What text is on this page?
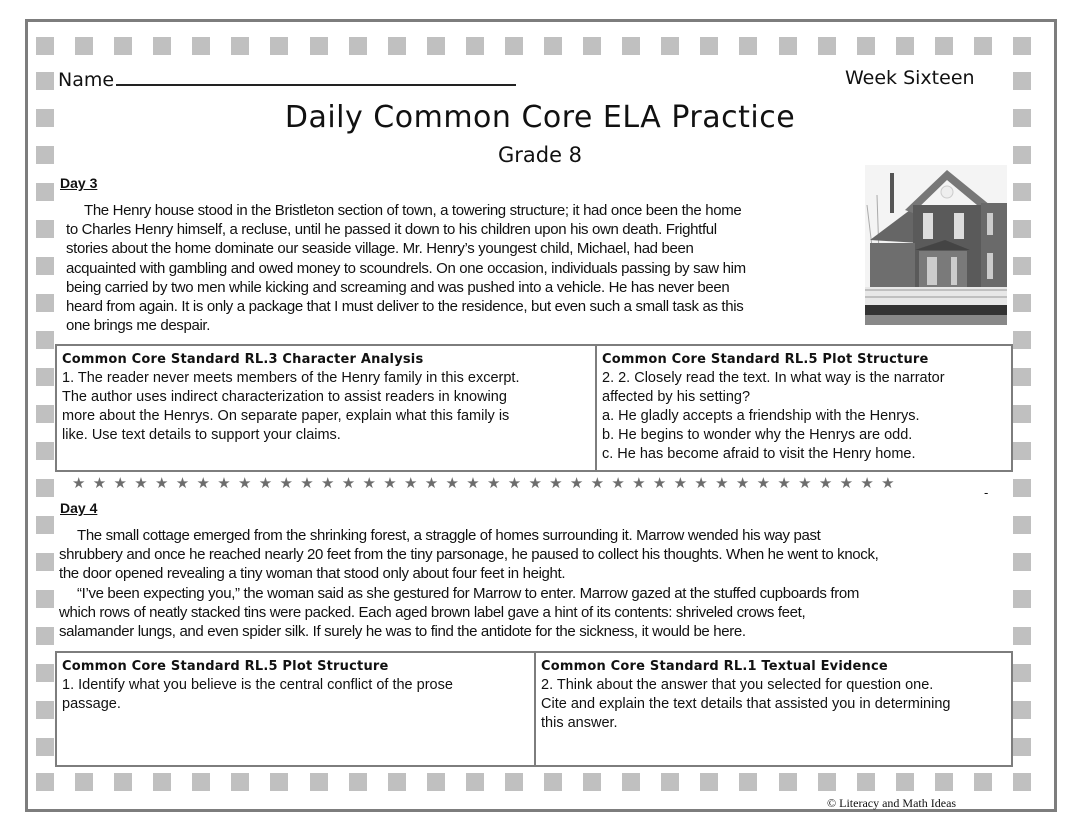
Name	Week Sixteen
Daily Common Core ELA Practice
Grade 8
Day 3

The Henry house stood in the Bristleton section of town, a towering structure; it had once been the home

to Charles Henry himself, a recluse, until he passed it down to his children upon his own death. Frightful

stories about the home dominate our seaside village. Mr. Henry’s youngest child, Michael, had been

acquainted with gambling and owed money to scoundrels. On one occasion, individuals passing by saw him

being carried by two men while kicking and screaming and was pushed into a vehicle. He has never been

heard from again. It is only a package that I must deliver to the residence, but even such a small task as this

one brings me despair.

Common Core Standard RL.3 Character Analysis

1. The reader never meets members of the Henry family in this excerpt.

The author uses indirect characterization to assist readers in knowing

more about the Henrys. On separate paper, explain what this family is

like. Use text details to support your claims.

Common Core Standard RL.5 Plot Structure

2. 2. Closely read the text. In what way is the narrator

affected by his setting?

a. He gladly accepts a friendship with the Henrys.

b. He begins to wonder why the Henrys are odd.

c. He has become afraid to visit the Henry home.

★★★★★★★★★★★★★★★★★★★★★★★★★★★★★★★★★★★★★★★★
-
Day 4

The small cottage emerged from the shrinking forest, a straggle of homes surrounding it. Marrow wended his way past

shrubbery and once he reached nearly 20 feet from the tiny parsonage, he paused to collect his thoughts. When he went to knock,

the door opened revealing a tiny woman that stood only about four feet in height.

“I’ve been expecting you,” the woman said as she gestured for Marrow to enter. Marrow gazed at the stuffed cupboards from

which rows of neatly stacked tins were packed. Each aged brown label gave a hint of its contents: shriveled crows feet,

salamander lungs, and even spider silk. If surely he was to find the antidote for the sickness, it would be here.

Common Core Standard RL.5 Plot Structure

1. Identify what you believe is the central conflict of the prose

passage.

Common Core Standard RL.1 Textual Evidence

2. Think about the answer that you selected for question one.

Cite and explain the text details that assisted you in determining

this answer.

© Literacy and Math Ideas
